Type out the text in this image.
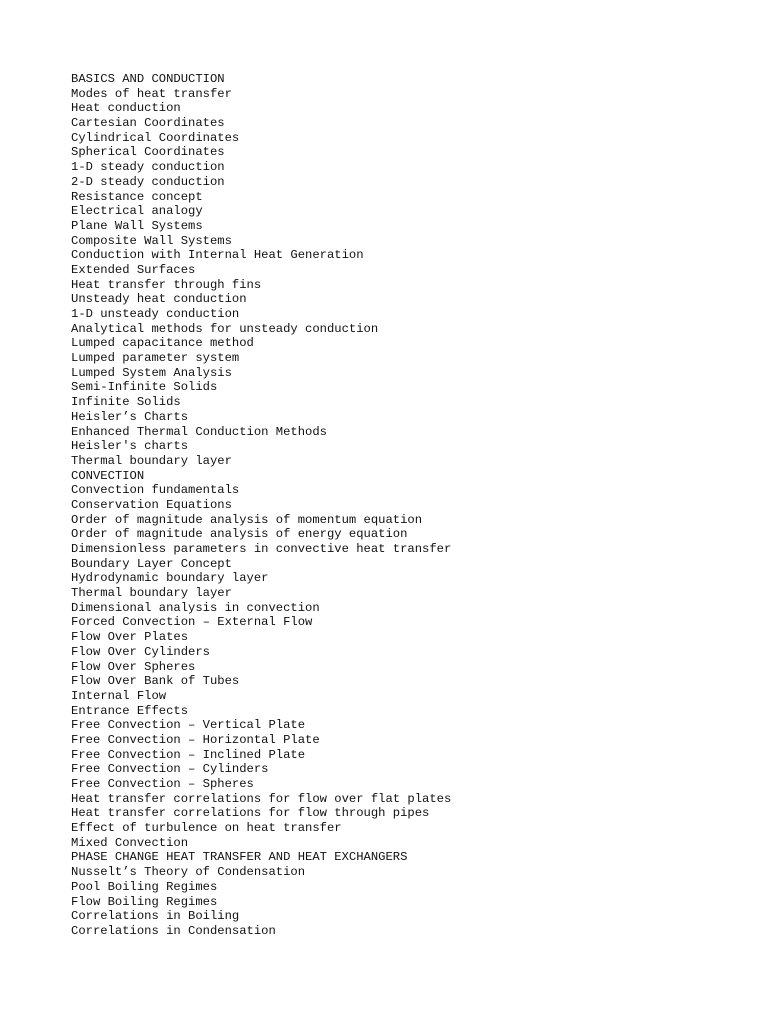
BASICS AND CONDUCTION
Modes of heat transfer
Heat conduction
Cartesian Coordinates
Cylindrical Coordinates
Spherical Coordinates
1-D steady conduction
2-D steady conduction
Resistance concept
Electrical analogy
Plane Wall Systems
Composite Wall Systems
Conduction with Internal Heat Generation
Extended Surfaces
Heat transfer through fins
Unsteady heat conduction
1-D unsteady conduction
Analytical methods for unsteady conduction
Lumped capacitance method
Lumped parameter system
Lumped System Analysis
Semi-Infinite Solids
Infinite Solids
Heisler’s Charts
Enhanced Thermal Conduction Methods
Heisler's charts
Thermal boundary layer
CONVECTION
Convection fundamentals
Conservation Equations
Order of magnitude analysis of momentum equation
Order of magnitude analysis of energy equation
Dimensionless parameters in convective heat transfer
Boundary Layer Concept
Hydrodynamic boundary layer
Thermal boundary layer
Dimensional analysis in convection
Forced Convection – External Flow
Flow Over Plates
Flow Over Cylinders
Flow Over Spheres
Flow Over Bank of Tubes
Internal Flow
Entrance Effects
Free Convection – Vertical Plate
Free Convection – Horizontal Plate
Free Convection – Inclined Plate
Free Convection – Cylinders
Free Convection – Spheres
Heat transfer correlations for flow over flat plates
Heat transfer correlations for flow through pipes
Effect of turbulence on heat transfer
Mixed Convection
PHASE CHANGE HEAT TRANSFER AND HEAT EXCHANGERS
Nusselt’s Theory of Condensation
Pool Boiling Regimes
Flow Boiling Regimes
Correlations in Boiling
Correlations in Condensation
